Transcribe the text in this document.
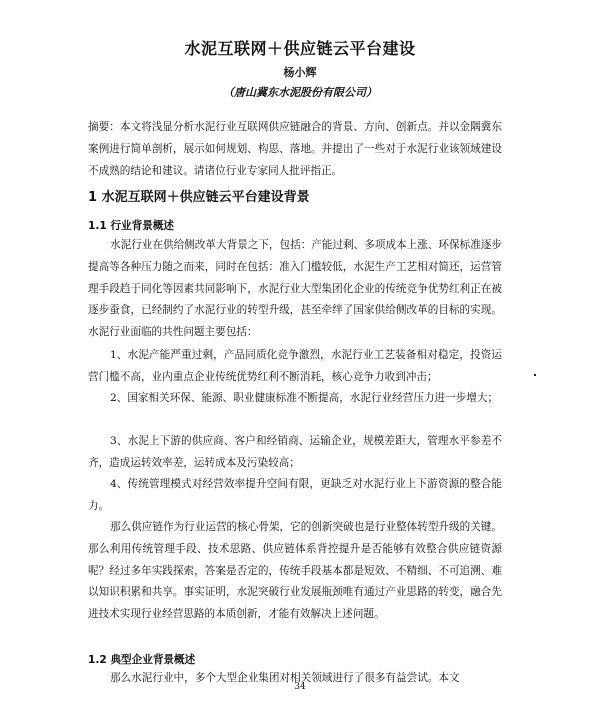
水泥互联网＋供应链云平台建设
杨小辉
（唐山冀东水泥股份有限公司）
摘要：本文将浅显分析水泥行业互联网供应链融合的背景、方向、创新点。并以金隅冀东案例进行简单剖析，展示如何规划、构思、落地。并提出了一些对于水泥行业该领域建设不成熟的结论和建议。请诸位行业专家同人批评指正。
1 水泥互联网＋供应链云平台建设背景
1.1 行业背景概述
水泥行业在供给侧改革大背景之下，包括：产能过剩、多项成本上涨、环保标准逐步提高等各种压力随之而来，同时在包括：准入门槛较低，水泥生产工艺相对简还，运营管理手段趋于同化等因素共同影响下，水泥行业大型集团化企业的传统竞争优势红利正在被逐步蚕食，已经制约了水泥行业的转型升级，甚至牵绊了国家供给侧改革的目标的实现。水泥行业面临的共性问题主要包括：
1、水泥产能严重过剩，产品同质化竞争激烈，水泥行业工艺装备相对稳定，投资运营门槛不高，业内重点企业传统优势红利不断消耗，核心竞争力收到冲击；
2、国家相关环保、能源、职业健康标准不断提高，水泥行业经营压力进一步增大；
3、水泥上下游的供应商、客户和经销商、运输企业，规模差距大，管理水平参差不齐，造成运转效率差，运转成本及污染较高；
4、传统管理模式对经营效率提升空间有限，更缺乏对水泥行业上下游资源的整合能力。
那么供应链作为行业运营的核心骨架，它的创新突破也是行业整体转型升级的关键。那么利用传统管理手段、技术思路、供应链体系背控提升是否能够有效整合供应链资源呢？经过多年实践探索，答案是否定的，传统手段基本都是短效、不精细、不可追溯、难以知识积累和共享。事实证明，水泥突破行业发展瓶颈唯有通过产业思路的转变，融合先进技术实现行业经营思路的本质创新，才能有效解决上述问题。
1.2 典型企业背景概述
那么水泥行业中，多个大型企业集团对相关领域进行了很多有益尝试。本文
34
